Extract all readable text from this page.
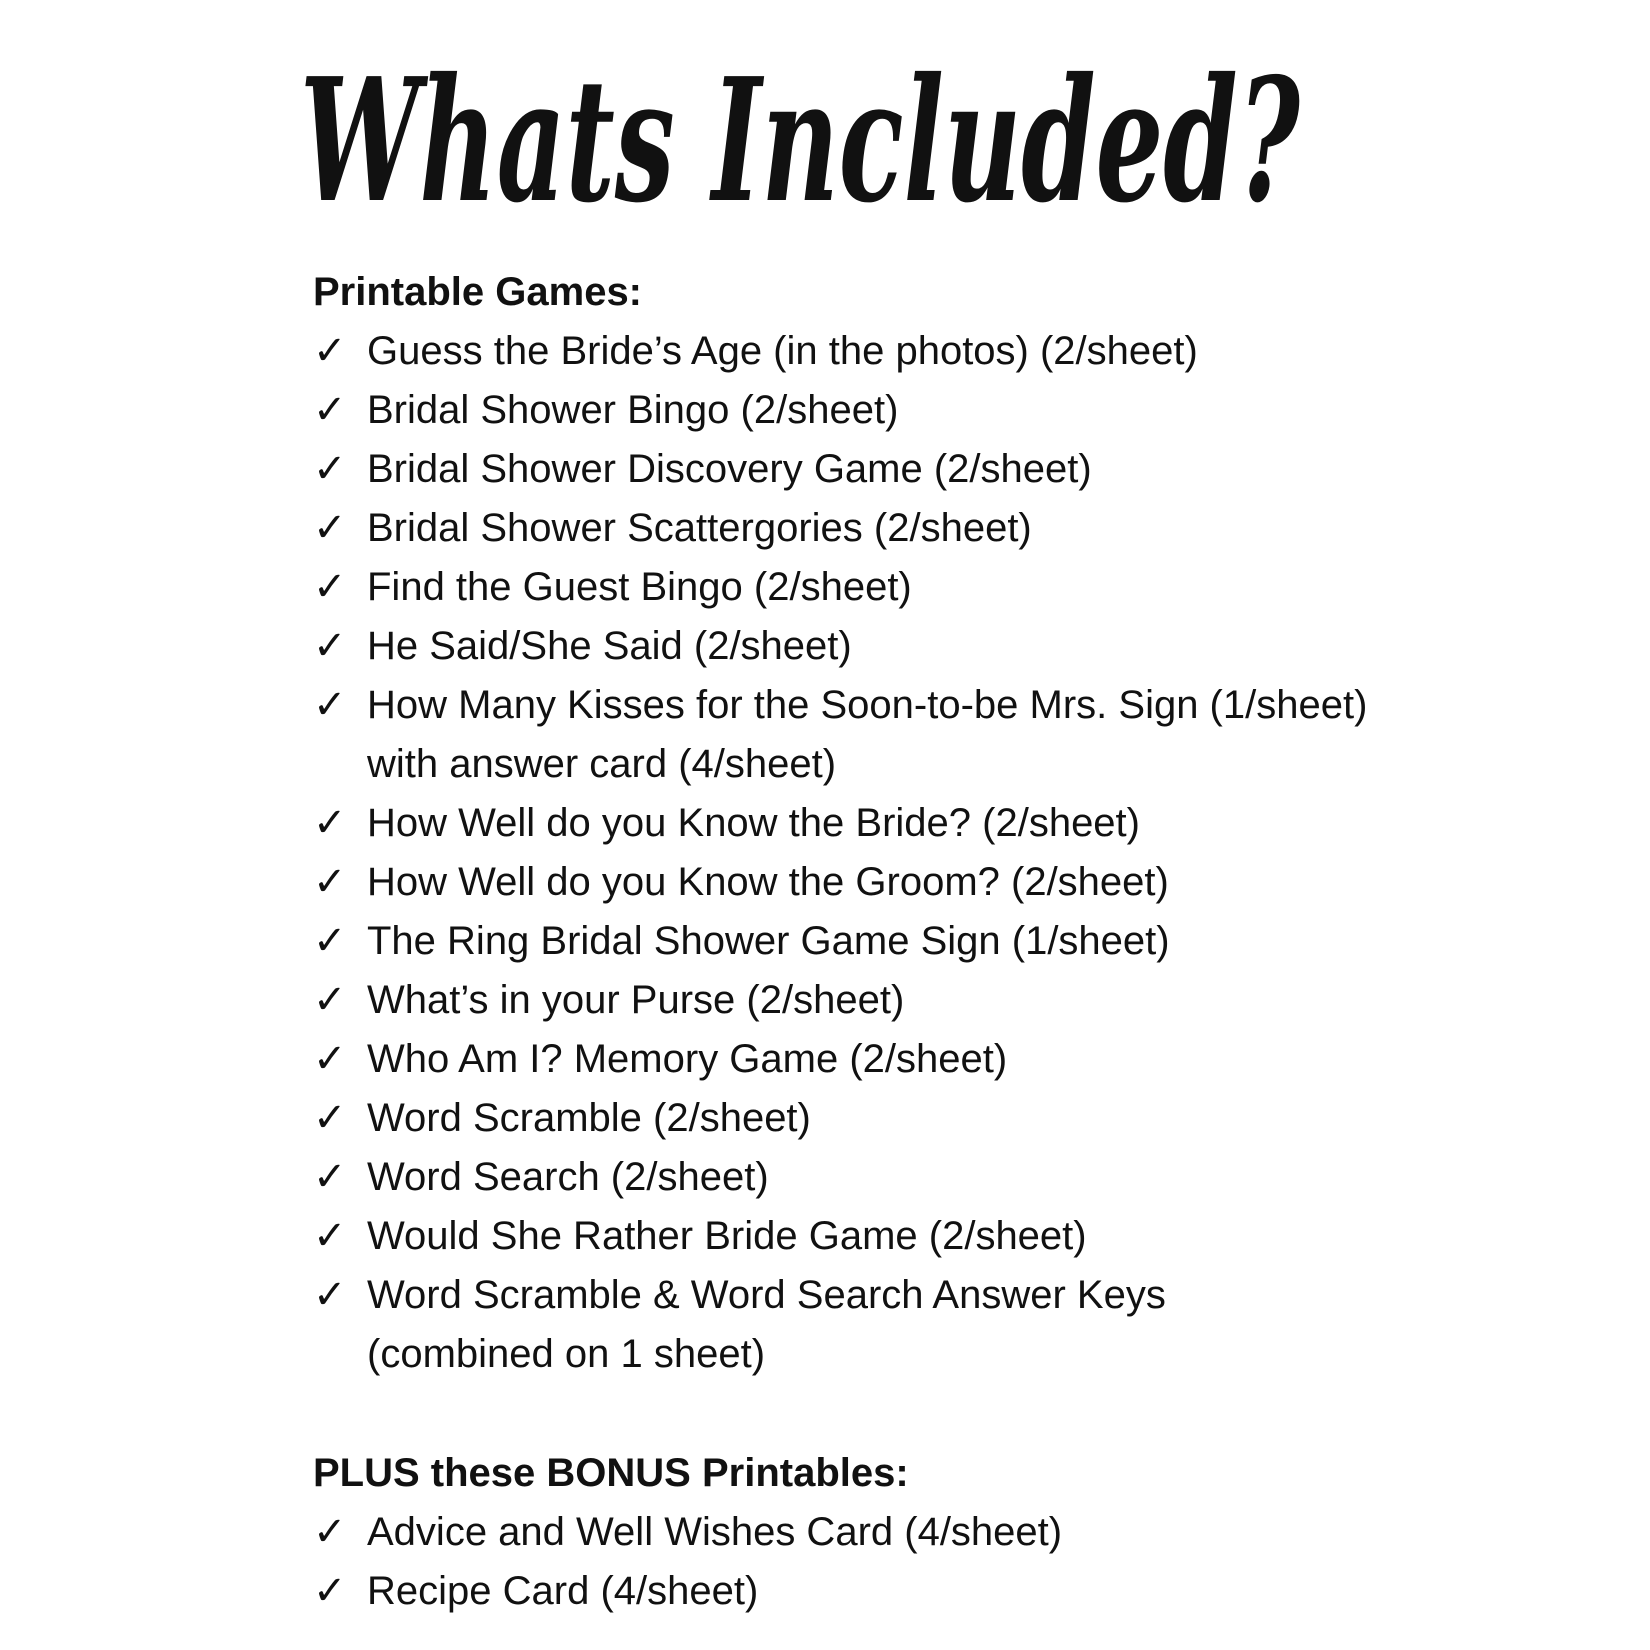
Whats Included?
Printable Games:
✓ Guess the Bride’s Age (in the photos) (2/sheet)
✓ Bridal Shower Bingo (2/sheet)
✓ Bridal Shower Discovery Game (2/sheet)
✓ Bridal Shower Scattergories (2/sheet)
✓ Find the Guest Bingo (2/sheet)
✓ He Said/She Said (2/sheet)
✓ How Many Kisses for the Soon-to-be Mrs. Sign (1/sheet)
with answer card (4/sheet)
✓ How Well do you Know the Bride? (2/sheet)
✓ How Well do you Know the Groom? (2/sheet)
✓ The Ring Bridal Shower Game Sign (1/sheet)
✓ What’s in your Purse (2/sheet)
✓ Who Am I? Memory Game (2/sheet)
✓ Word Scramble (2/sheet)
✓ Word Search (2/sheet)
✓ Would She Rather Bride Game (2/sheet)
✓ Word Scramble & Word Search Answer Keys
(combined on 1 sheet)
PLUS these BONUS Printables:
✓ Advice and Well Wishes Card (4/sheet)
✓ Recipe Card (4/sheet)
